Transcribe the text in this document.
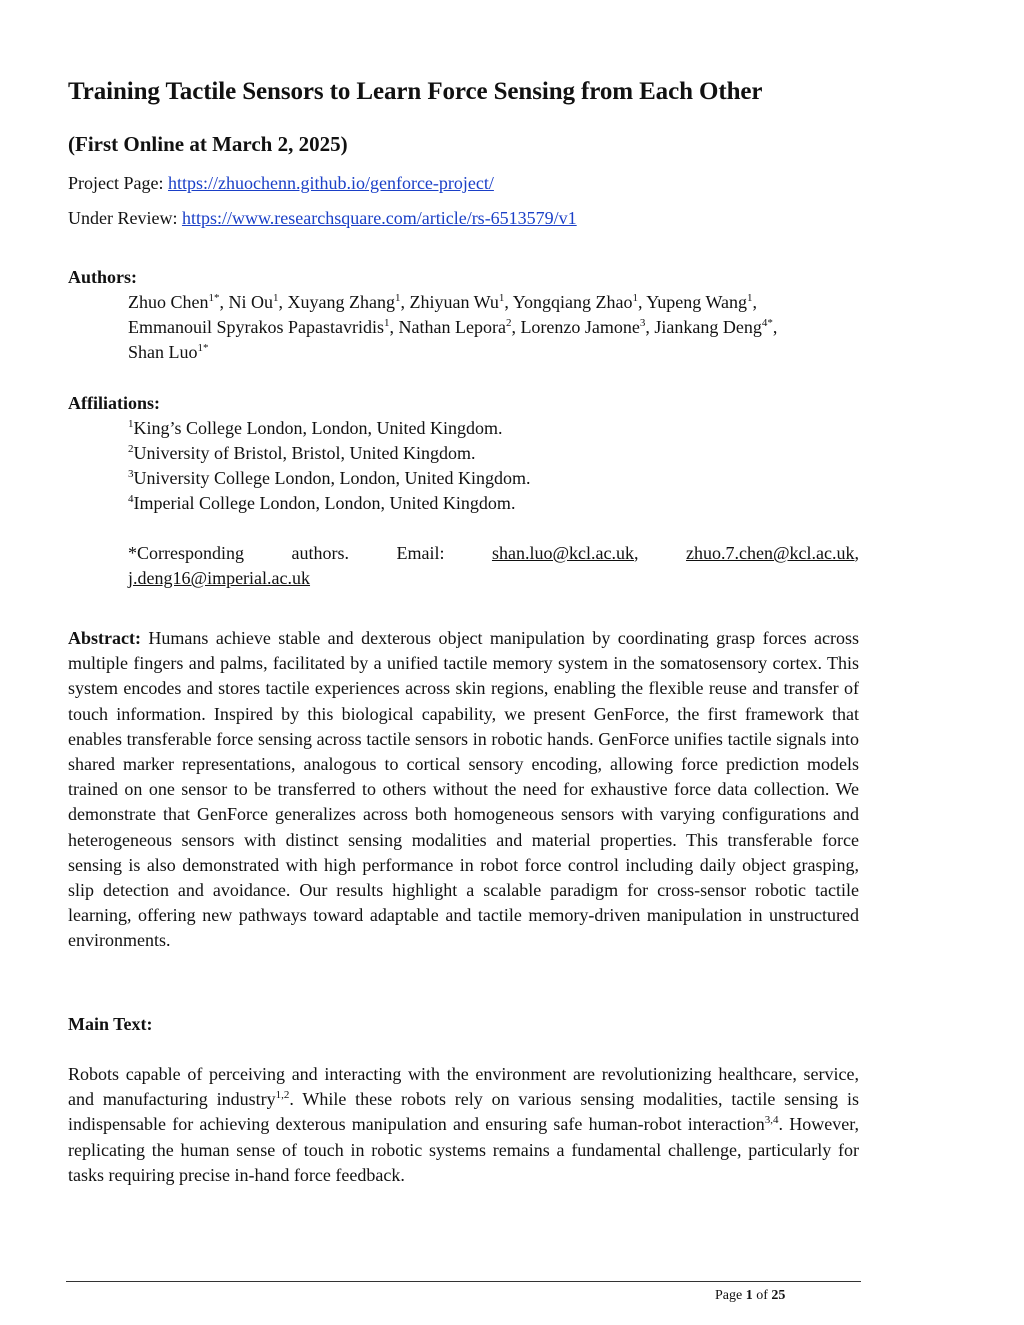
Training Tactile Sensors to Learn Force Sensing from Each Other
(First Online at March 2, 2025)
Project Page: https://zhuochenn.github.io/genforce-project/
Under Review: https://www.researchsquare.com/article/rs-6513579/v1
Authors:
Zhuo Chen$^{1*}$, Ni Ou$^1$, Xuyang Zhang$^1$, Zhiyuan Wu$^1$, Yongqiang Zhao$^1$, Yupeng Wang$^1$,
Emmanouil Spyrakos Papastavridis$^1$, Nathan Lepora$^2$, Lorenzo Jamone$^3$, Jiankang Deng$^{4*}$,
Shan Luo$^{1*}$
Affiliations:
$^1$King’s College London, London, United Kingdom.
$^2$University of Bristol, Bristol, United Kingdom.
$^3$University College London, London, United Kingdom.
$^4$Imperial College London, London, United Kingdom.
*Corresponding	authors.	Email:	shan.luo@kcl.ac.uk,	zhuo.7.chen@kcl.ac.uk,
j.deng16@imperial.ac.uk
Abstract: Humans achieve stable and dexterous object manipulation by coordinating grasp forces across multiple fingers and palms, facilitated by a unified tactile memory system in the somatosensory cortex. This system encodes and stores tactile experiences across skin regions, enabling the flexible reuse and transfer of touch information. Inspired by this biological capability, we present GenForce, the first framework that enables transferable force sensing across tactile sensors in robotic hands. GenForce unifies tactile signals into shared marker representations, analogous to cortical sensory encoding, allowing force prediction models trained on one sensor to be transferred to others without the need for exhaustive force data collection. We demonstrate that GenForce generalizes across both homogeneous sensors with varying configurations and heterogeneous sensors with distinct sensing modalities and material properties. This transferable force sensing is also demonstrated with high performance in robot force control including daily object grasping, slip detection and avoidance. Our results highlight a scalable paradigm for cross-sensor robotic tactile learning, offering new pathways toward adaptable and tactile memory-driven manipulation in unstructured environments.
Main Text:
Robots capable of perceiving and interacting with the environment are revolutionizing healthcare, service, and manufacturing industry$^{1,2}$. While these robots rely on various sensing modalities, tactile sensing is indispensable for achieving dexterous manipulation and ensuring safe human-robot interaction$^{3,4}$. However, replicating the human sense of touch in robotic systems remains a fundamental challenge, particularly for tasks requiring precise in-hand force feedback.
Page 1 of 25
